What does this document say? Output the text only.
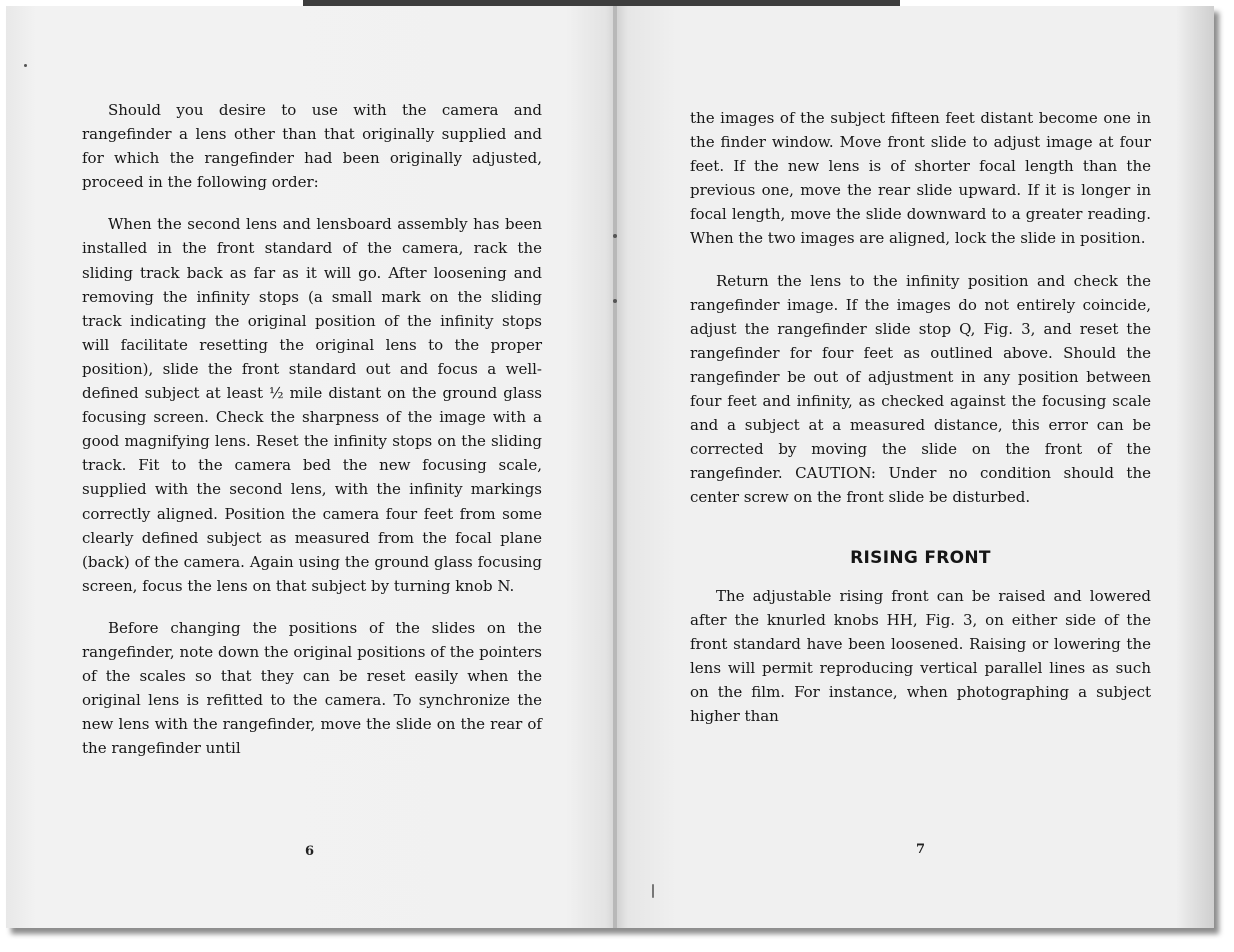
Should you desire to use with the camera and rangefinder a lens other than that originally supplied and for which the rangefinder had been originally adjusted, proceed in the following order:

When the second lens and lensboard assembly has been installed in the front standard of the camera, rack the sliding track back as far as it will go. After loosening and removing the infinity stops (a small mark on the sliding track indicating the original position of the infinity stops will facilitate resetting the original lens to the proper position), slide the front standard out and focus a well-defined subject at least ½ mile distant on the ground glass focusing screen. Check the sharpness of the image with a good magnifying lens. Reset the infinity stops on the sliding track. Fit to the camera bed the new focusing scale, supplied with the second lens, with the infinity markings correctly aligned. Position the camera four feet from some clearly defined subject as measured from the focal plane (back) of the camera. Again using the ground glass focusing screen, focus the lens on that subject by turning knob N.

Before changing the positions of the slides on the rangefinder, note down the original positions of the pointers of the scales so that they can be reset easily when the original lens is refitted to the camera. To synchronize the new lens with the rangefinder, move the slide on the rear of the rangefinder until

6

the images of the subject fifteen feet distant become one in the finder window. Move front slide to adjust image at four feet. If the new lens is of shorter focal length than the previous one, move the rear slide upward. If it is longer in focal length, move the slide downward to a greater reading. When the two images are aligned, lock the slide in position.

Return the lens to the infinity position and check the rangefinder image. If the images do not entirely coincide, adjust the rangefinder slide stop Q, Fig. 3, and reset the rangefinder for four feet as outlined above. Should the rangefinder be out of adjustment in any position between four feet and infinity, as checked against the focusing scale and a subject at a measured distance, this error can be corrected by moving the slide on the front of the rangefinder. CAUTION: Under no condition should the center screw on the front slide be disturbed.

RISING FRONT

The adjustable rising front can be raised and lowered after the knurled knobs HH, Fig. 3, on either side of the front standard have been loosened. Raising or lowering the lens will permit reproducing vertical parallel lines as such on the film. For instance, when photographing a subject higher than

7
